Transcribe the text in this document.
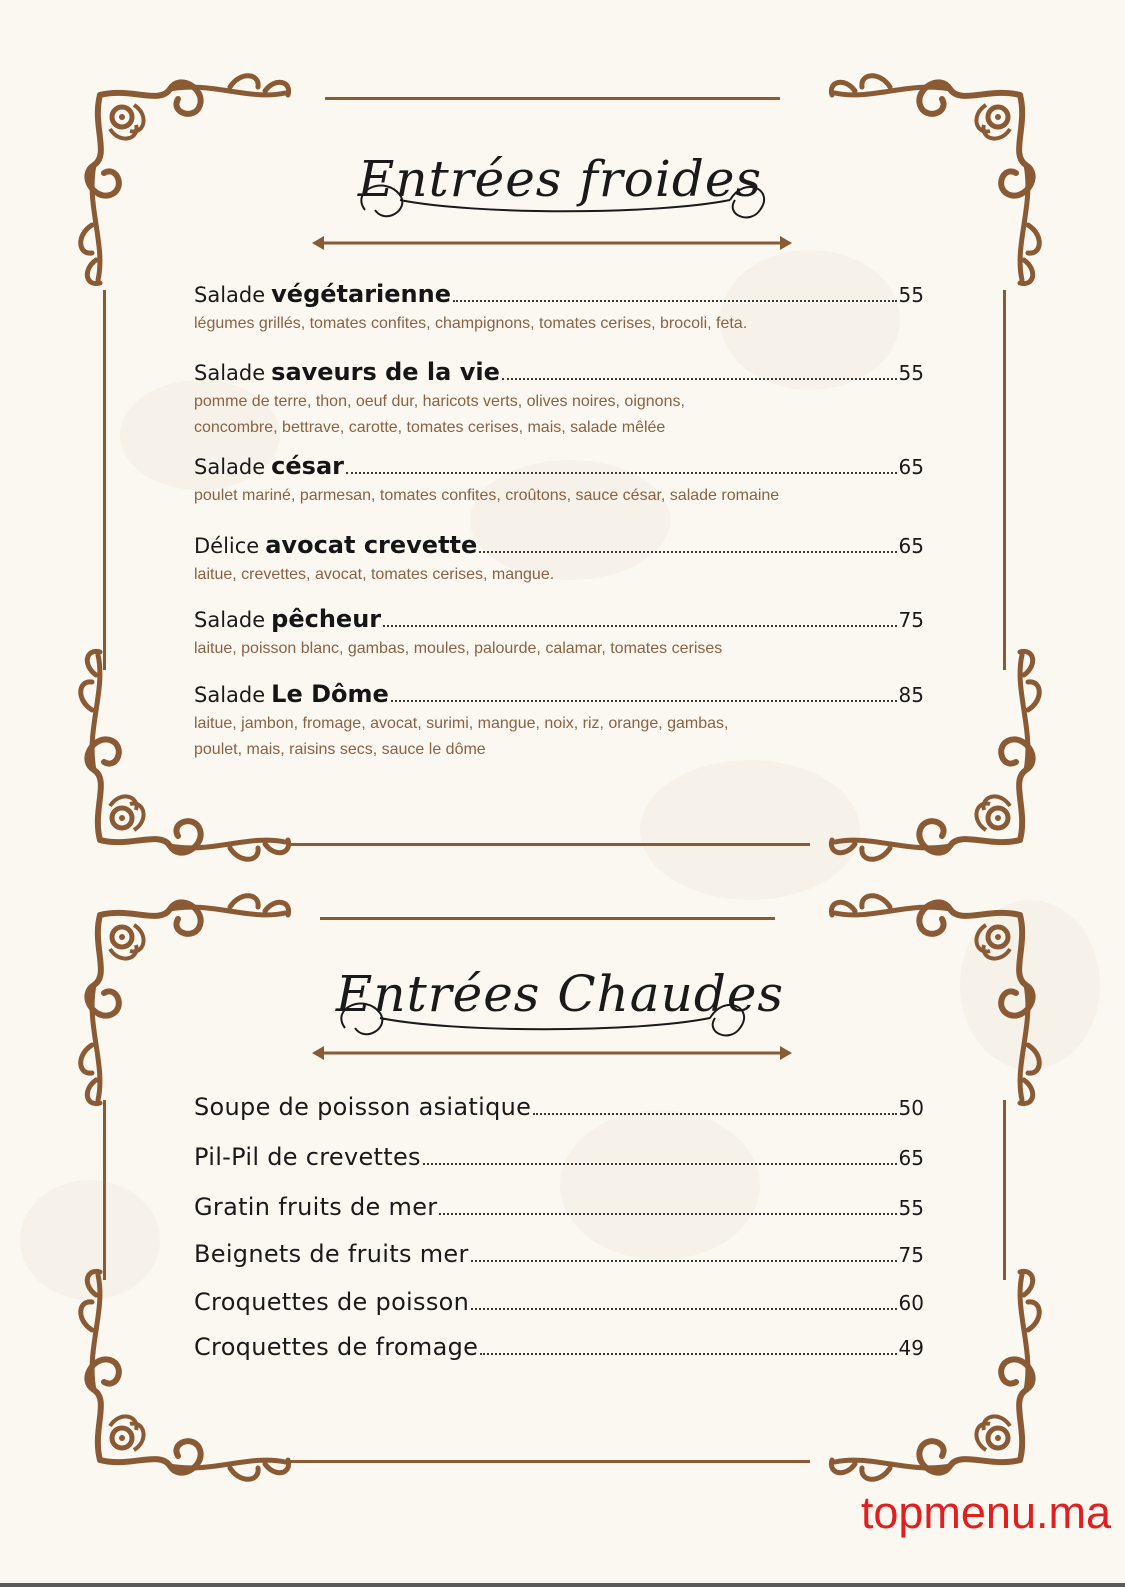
Entrées froides
Salade végétarienne	55
légumes grillés, tomates confites, champignons, tomates cerises, brocoli, feta.
Salade saveurs de la vie	55
pomme de terre, thon, oeuf dur, haricots verts, olives noires, oignons,
concombre, bettrave, carotte, tomates cerises, mais, salade mêlée
Salade césar	65
poulet mariné, parmesan, tomates confites, croûtons, sauce césar, salade romaine
Délice avocat crevette	65
laitue, crevettes, avocat, tomates cerises, mangue.
Salade pêcheur	75
laitue, poisson blanc, gambas, moules, palourde, calamar, tomates cerises
Salade Le Dôme	85
laitue, jambon, fromage, avocat, surimi, mangue, noix, riz, orange, gambas,
poulet, mais, raisins secs, sauce le dôme
Entrées Chaudes
Soupe de poisson asiatique	50
Pil-Pil de crevettes	65
Gratin fruits de mer	55
Beignets de fruits mer	75
Croquettes de poisson	60
Croquettes de fromage	49
topmenu.ma
